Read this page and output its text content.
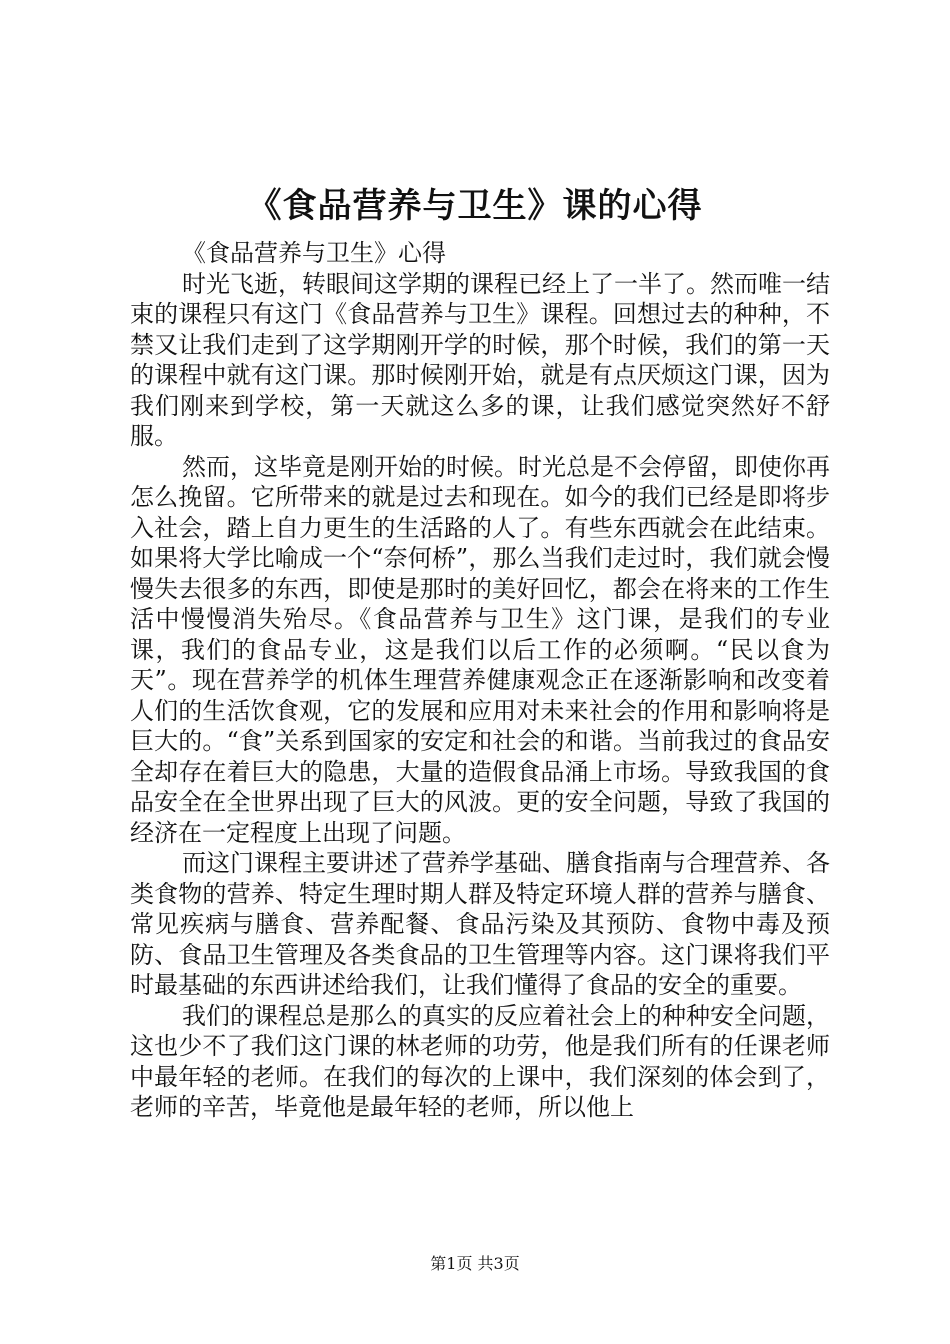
《食品营养与卫生》课的心得

《食品营养与卫生》心得

时光飞逝，转眼间这学期的课程已经上了一半了。然而唯一结束的课程只有这门《食品营养与卫生》课程。回想过去的种种，不禁又让我们走到了这学期刚开学的时候，那个时候，我们的第一天的课程中就有这门课。那时候刚开始，就是有点厌烦这门课，因为我们刚来到学校，第一天就这么多的课，让我们感觉突然好不舒服。

然而，这毕竟是刚开始的时候。时光总是不会停留，即使你再怎么挽留。它所带来的就是过去和现在。如今的我们已经是即将步入社会，踏上自力更生的生活路的人了。有些东西就会在此结束。如果将大学比喻成一个“奈何桥”，那么当我们走过时，我们就会慢慢失去很多的东西，即使是那时的美好回忆，都会在将来的工作生活中慢慢消失殆尽。《食品营养与卫生》这门课，是我们的专业课，我们的食品专业，这是我们以后工作的必须啊。“民以食为天”。现在营养学的机体生理营养健康观念正在逐渐影响和改变着人们的生活饮食观，它的发展和应用对未来社会的作用和影响将是巨大的。“食”关系到国家的安定和社会的和谐。当前我过的食品安全却存在着巨大的隐患，大量的造假食品涌上市场。导致我国的食品安全在全世界出现了巨大的风波。更的安全问题，导致了我国的经济在一定程度上出现了问题。

而这门课程主要讲述了营养学基础、膳食指南与合理营养、各类食物的营养、特定生理时期人群及特定环境人群的营养与膳食、常见疾病与膳食、营养配餐、食品污染及其预防、食物中毒及预防、食品卫生管理及各类食品的卫生管理等内容。这门课将我们平时最基础的东西讲述给我们，让我们懂得了食品的安全的重要。

我们的课程总是那么的真实的反应着社会上的种种安全问题，这也少不了我们这门课的林老师的功劳，他是我们所有的任课老师中最年轻的老师。在我们的每次的上课中，我们深刻的体会到了，老师的辛苦，毕竟他是最年轻的老师，所以他上

第1页 共3页
